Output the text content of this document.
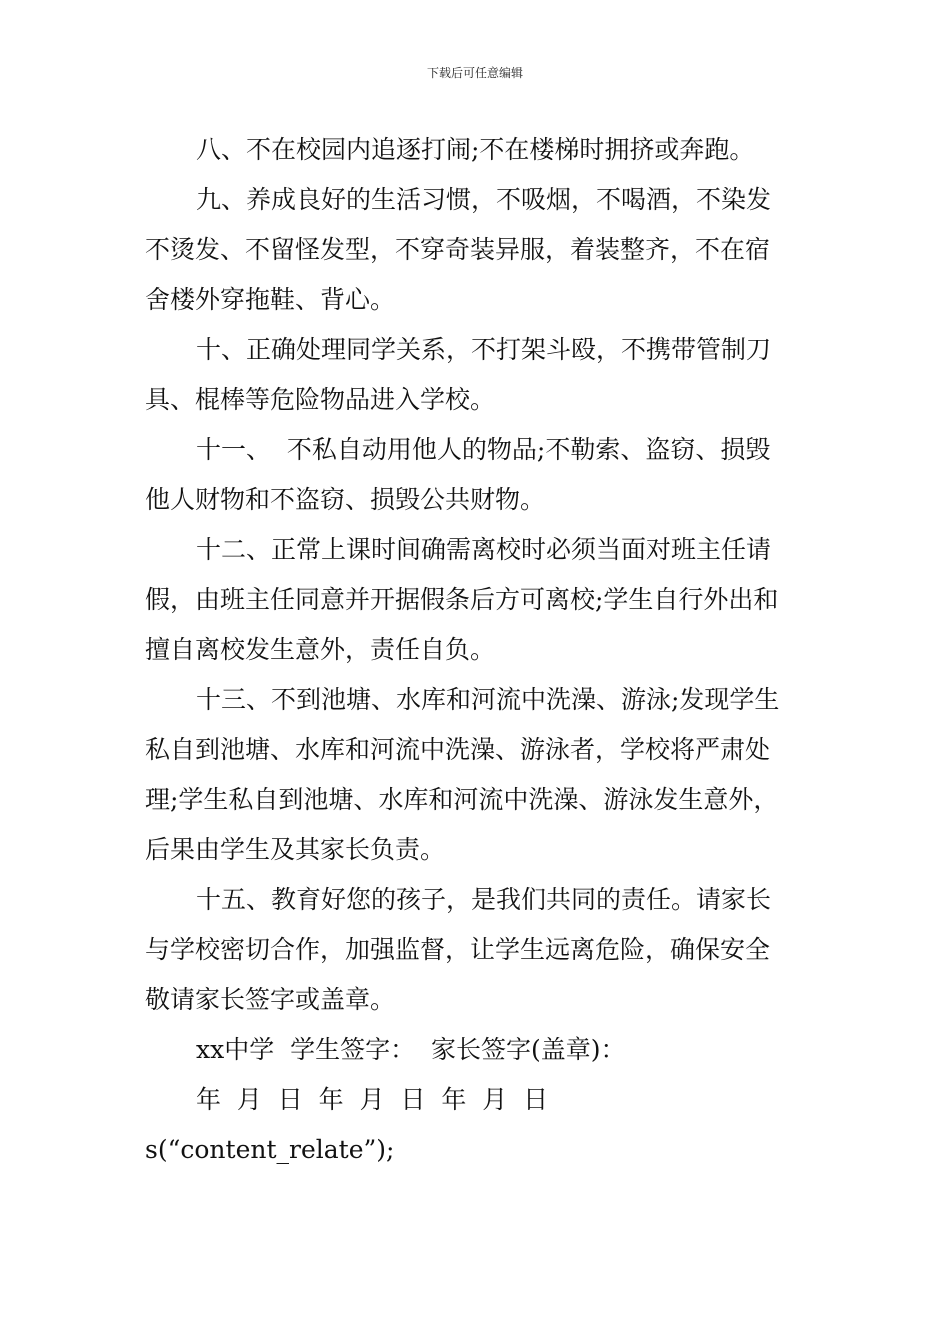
下载后可任意编辑
八、不在校园内追逐打闹;不在楼梯时拥挤或奔跑。
九、养成良好的生活习惯，不吸烟，不喝酒，不染发
不烫发、不留怪发型，不穿奇装异服，着装整齐，不在宿
舍楼外穿拖鞋、背心。
十、正确处理同学关系，不打架斗殴，不携带管制刀
具、棍棒等危险物品进入学校。
十一、  不私自动用他人的物品;不勒索、盗窃、损毁
他人财物和不盗窃、损毁公共财物。
十二、正常上课时间确需离校时必须当面对班主任请
假，由班主任同意并开据假条后方可离校;学生自行外出和
擅自离校发生意外，责任自负。
十三、不到池塘、水库和河流中洗澡、游泳;发现学生
私自到池塘、水库和河流中洗澡、游泳者，学校将严肃处
理;学生私自到池塘、水库和河流中洗澡、游泳发生意外，
后果由学生及其家长负责。
十五、教育好您的孩子，是我们共同的责任。请家长
与学校密切合作，加强监督，让学生远离危险，确保安全
敬请家长签字或盖章。
xx中学  学生签字：  家长签字(盖章)：
年  月  日  年  月  日  年  月  日
s(“content_relate”);
